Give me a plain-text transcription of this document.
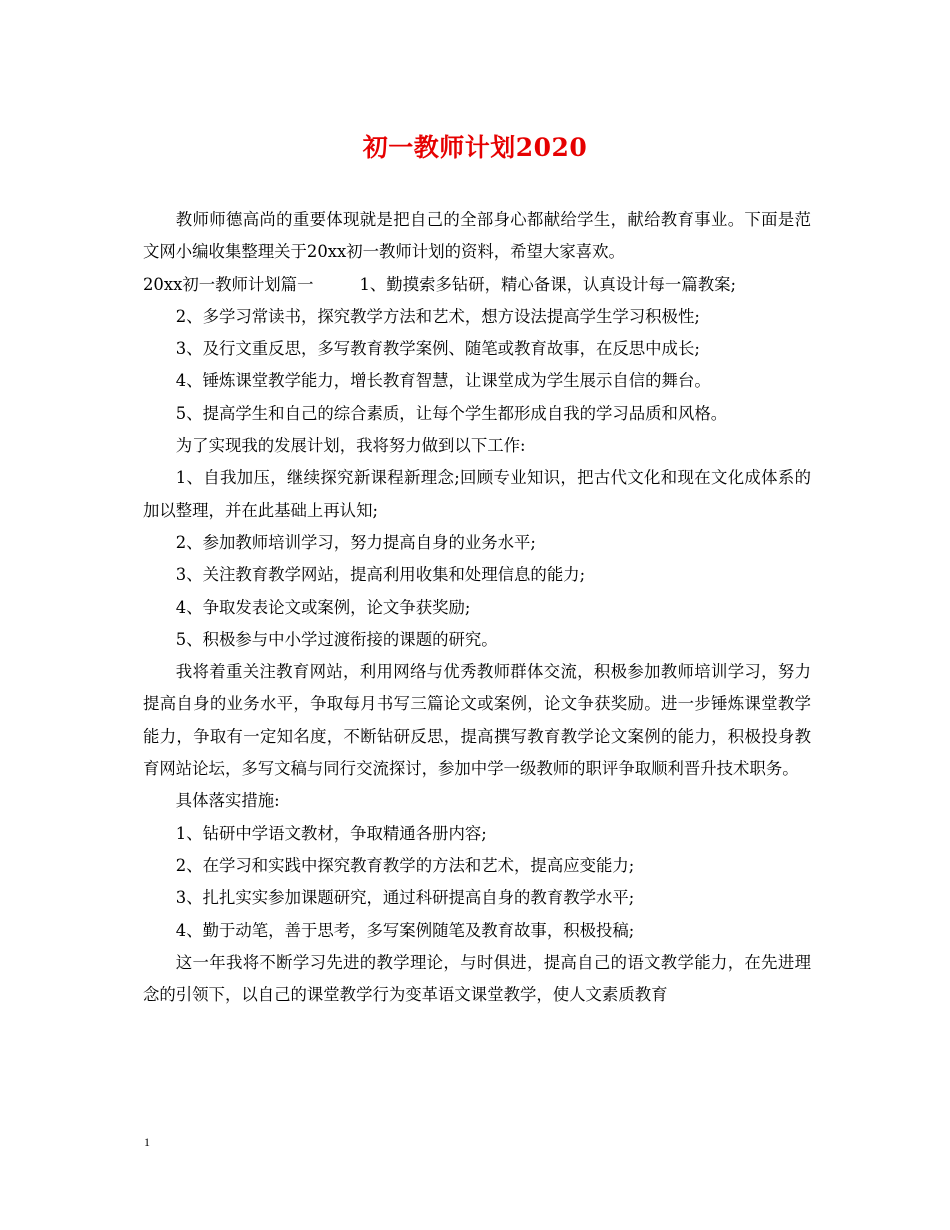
初一教师计划2020

教师师德高尚的重要体现就是把自己的全部身心都献给学生，献给教育事业。下面是范文网小编收集整理关于20xx初一教师计划的资料，希望大家喜欢。

20xx初一教师计划篇一	1、勤摸索多钻研，精心备课，认真设计每一篇教案;

2、多学习常读书，探究教学方法和艺术，想方设法提高学生学习积极性;

3、及行文重反思，多写教育教学案例、随笔或教育故事，在反思中成长;

4、锤炼课堂教学能力，增长教育智慧，让课堂成为学生展示自信的舞台。

5、提高学生和自己的综合素质，让每个学生都形成自我的学习品质和风格。

为了实现我的发展计划，我将努力做到以下工作:

1、自我加压，继续探究新课程新理念;回顾专业知识，把古代文化和现在文化成体系的加以整理，并在此基础上再认知;

2、参加教师培训学习，努力提高自身的业务水平;

3、关注教育教学网站，提高利用收集和处理信息的能力;

4、争取发表论文或案例，论文争获奖励;

5、积极参与中小学过渡衔接的课题的研究。

我将着重关注教育网站，利用网络与优秀教师群体交流，积极参加教师培训学习，努力提高自身的业务水平，争取每月书写三篇论文或案例，论文争获奖励。进一步锤炼课堂教学能力，争取有一定知名度，不断钻研反思，提高撰写教育教学论文案例的能力，积极投身教育网站论坛，多写文稿与同行交流探讨，参加中学一级教师的职评争取顺利晋升技术职务。

具体落实措施:

1、钻研中学语文教材，争取精通各册内容;

2、在学习和实践中探究教育教学的方法和艺术，提高应变能力;

3、扎扎实实参加课题研究，通过科研提高自身的教育教学水平;

4、勤于动笔，善于思考，多写案例随笔及教育故事，积极投稿;

这一年我将不断学习先进的教学理论，与时俱进，提高自己的语文教学能力，在先进理念的引领下，以自己的课堂教学行为变革语文课堂教学，使人文素质教育

1
